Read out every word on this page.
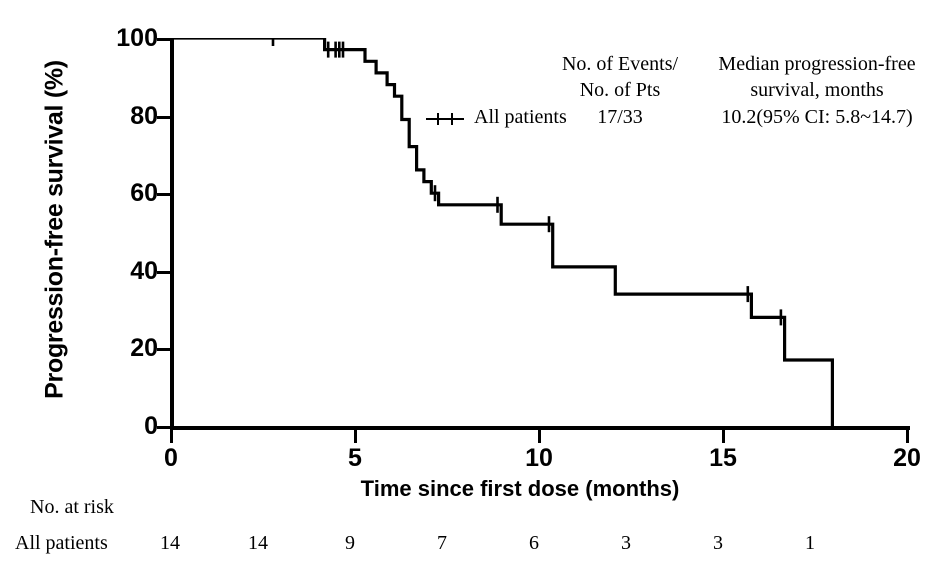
Progression-free survival (%)
Time since first dose (months)
100
80
60
40
20
0
0	5	10	15	20
No. of Events/
No. of Pts
Median progression-free
survival, months
All patients	17/33	10.2(95% CI: 5.8~14.7)
No. at risk
All patients	14	14	9	7	6	3	3	1
